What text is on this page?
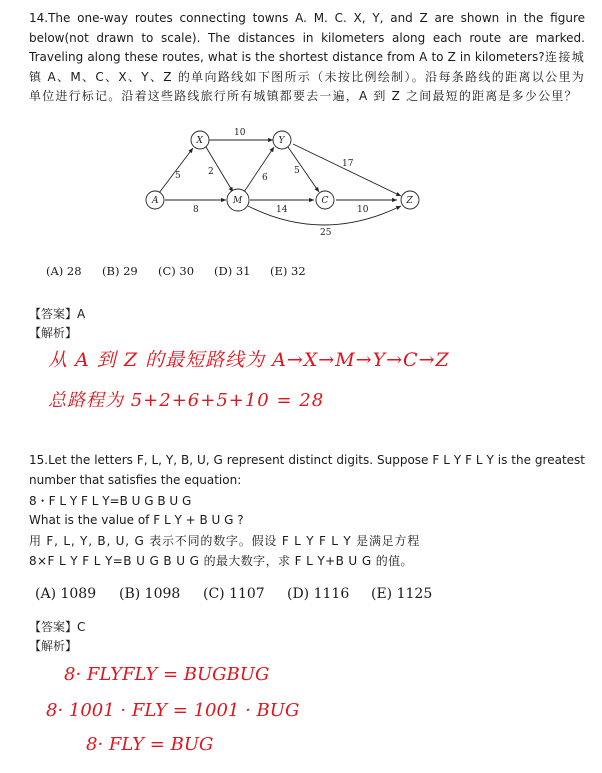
14.The one-way routes connecting towns A. M. C. X, Y, and Z are shown in the figure below(not drawn to scale). The distances in kilometers along each route are marked. Traveling along these routes, what is the shortest distance from A to Z in kilometers?连接城镇 A、M、C、X、Y、Z 的单向路线如下图所示（未按比例绘制）。沿每条路线的距离以公里为单位进行标记。沿着这些路线旅行所有城镇都要去一遍，A 到 Z 之间最短的距离是多少公里？

5
8
10
2
6
14
25
5
17
10
A
X
M
Y
C	Z
(A) 28	(B) 29	(C) 30	(D) 31	(E) 32

【答案】A

【解析】

从 A 到 Z 的最短路线为 A→X→M→Y→C→Z
总路程为 5+2+6+5+10 = 28

15.Let the letters F, L, Y, B, U, G represent distinct digits. Suppose F L Y F L Y is the greatest number that satisfies the equation:

8・F L Y F L Y=B U G B U G

What is the value of F L Y + B U G ?

用 F, L, Y, B, U, G 表示不同的数字。假设 F L Y F L Y 是满足方程

8×F L Y F L Y=B U G B U G 的最大数字，求 F L Y+B U G 的值。

(A) 1089	(B) 1098	(C) 1107	(D) 1116	(E) 1125

【答案】C

【解析】

8· FLYFLY = BUGBUG
8· 1001 · FLY = 1001 · BUG
8· FLY = BUG
